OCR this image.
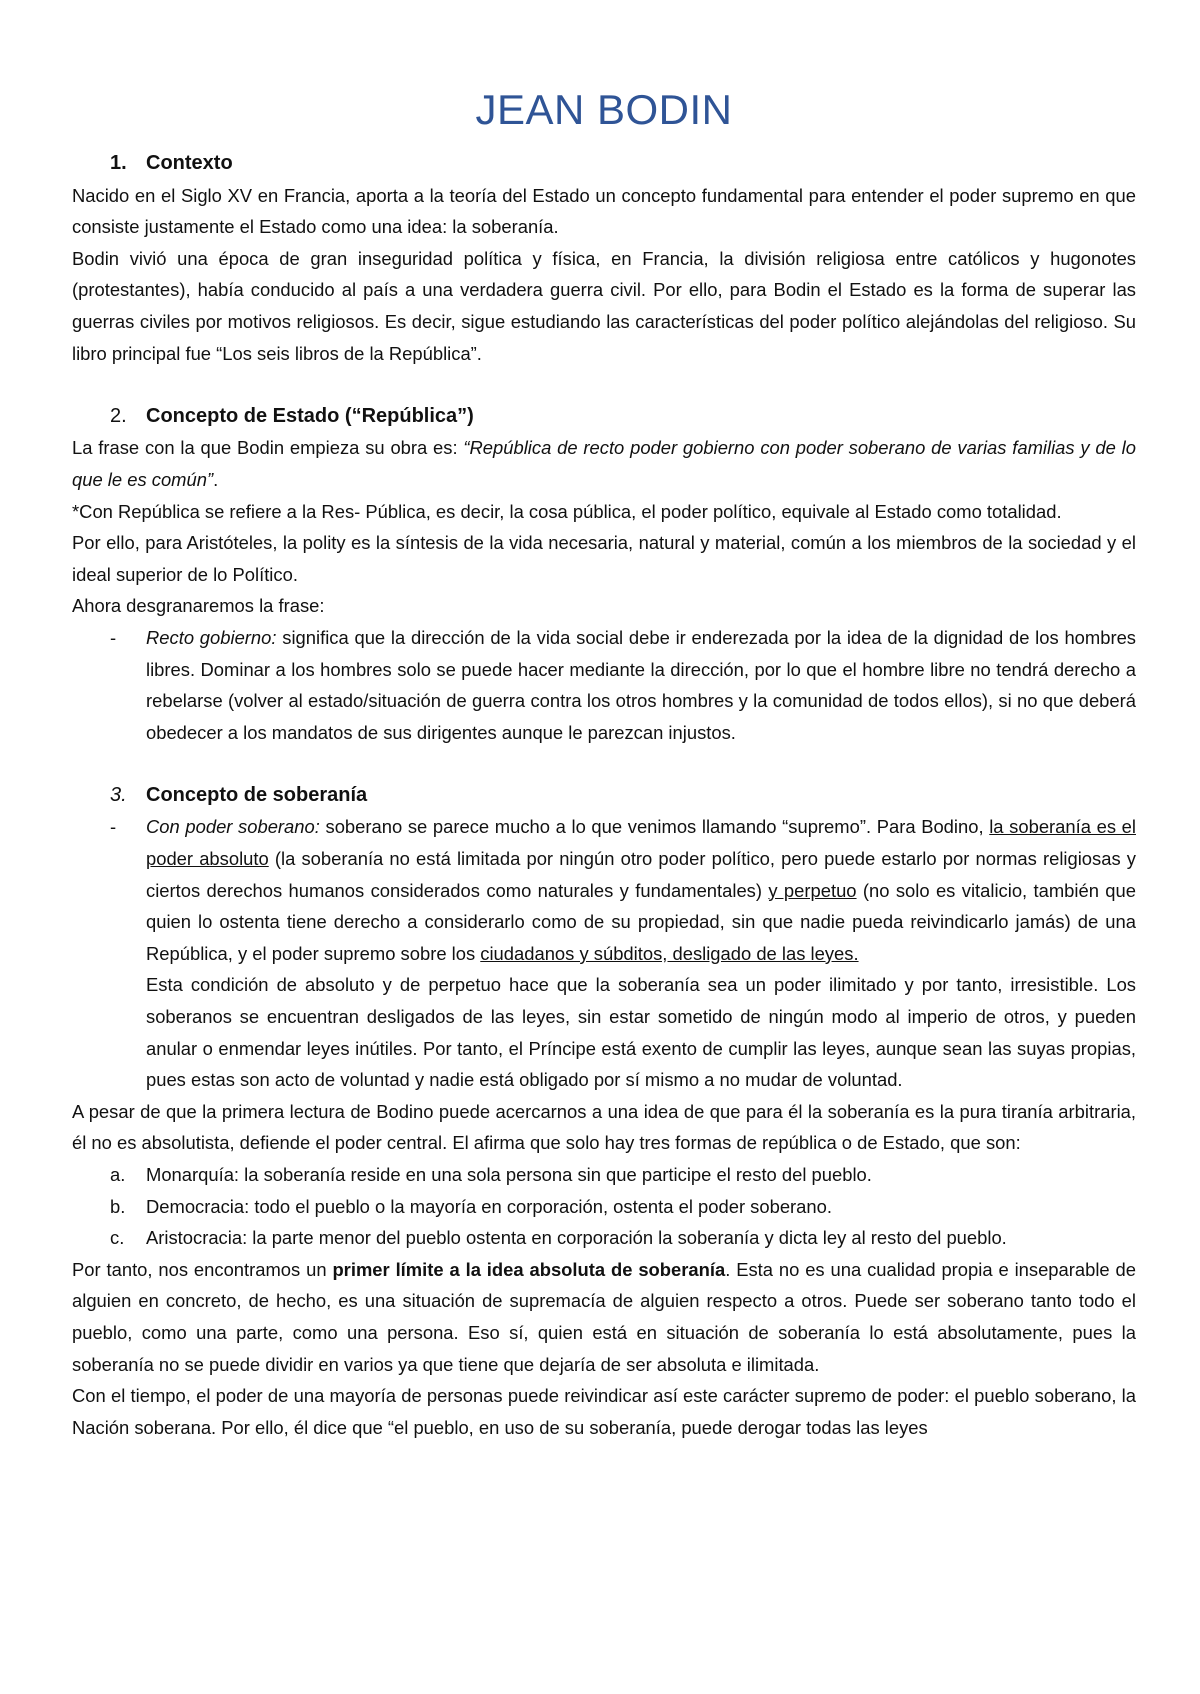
JEAN BODIN
1. Contexto

Nacido en el Siglo XV en Francia, aporta a la teoría del Estado un concepto fundamental para entender el poder supremo en que consiste justamente el Estado como una idea: la soberanía.

Bodin vivió una época de gran inseguridad política y física, en Francia, la división religiosa entre católicos y hugonotes (protestantes), había conducido al país a una verdadera guerra civil. Por ello, para Bodin el Estado es la forma de superar las guerras civiles por motivos religiosos. Es decir, sigue estudiando las características del poder político alejándolas del religioso. Su libro principal fue “Los seis libros de la República”.

2. Concepto de Estado (“República”)

La frase con la que Bodin empieza su obra es: “República de recto poder gobierno con poder soberano de varias familias y de lo que le es común”.

*Con República se refiere a la Res- Pública, es decir, la cosa pública, el poder político, equivale al Estado como totalidad.

Por ello, para Aristóteles, la polity es la síntesis de la vida necesaria, natural y material, común a los miembros de la sociedad y el ideal superior de lo Político.

Ahora desgranaremos la frase:

-	Recto gobierno: significa que la dirección de la vida social debe ir enderezada por la idea de la dignidad de los hombres libres. Dominar a los hombres solo se puede hacer mediante la dirección, por lo que el hombre libre no tendrá derecho a rebelarse (volver al estado/situación de guerra contra los otros hombres y la comunidad de todos ellos), si no que deberá obedecer a los mandatos de sus dirigentes aunque le parezcan injustos.
3. Concepto de soberanía
-	Con poder soberano: soberano se parece mucho a lo que venimos llamando “supremo”. Para Bodino, la soberanía es el poder absoluto (la soberanía no está limitada por ningún otro poder político, pero puede estarlo por normas religiosas y ciertos derechos humanos considerados como naturales y fundamentales) y perpetuo (no solo es vitalicio, también que quien lo ostenta tiene derecho a considerarlo como de su propiedad, sin que nadie pueda reivindicarlo jamás) de una República, y el poder supremo sobre los ciudadanos y súbditos, desligado de las leyes.

Esta condición de absoluto y de perpetuo hace que la soberanía sea un poder ilimitado y por tanto, irresistible. Los soberanos se encuentran desligados de las leyes, sin estar sometido de ningún modo al imperio de otros, y pueden anular o enmendar leyes inútiles. Por tanto, el Príncipe está exento de cumplir las leyes, aunque sean las suyas propias, pues estas son acto de voluntad y nadie está obligado por sí mismo a no mudar de voluntad.

A pesar de que la primera lectura de Bodino puede acercarnos a una idea de que para él la soberanía es la pura tiranía arbitraria, él no es absolutista, defiende el poder central. El afirma que solo hay tres formas de república o de Estado, que son:

a.	Monarquía: la soberanía reside en una sola persona sin que participe el resto del pueblo.
b.	Democracia: todo el pueblo o la mayoría en corporación, ostenta el poder soberano.
c.	Aristocracia: la parte menor del pueblo ostenta en corporación la soberanía y dicta ley al resto del pueblo.

Por tanto, nos encontramos un primer límite a la idea absoluta de soberanía. Esta no es una cualidad propia e inseparable de alguien en concreto, de hecho, es una situación de supremacía de alguien respecto a otros. Puede ser soberano tanto todo el pueblo, como una parte, como una persona. Eso sí, quien está en situación de soberanía lo está absolutamente, pues la soberanía no se puede dividir en varios ya que tiene que dejaría de ser absoluta e ilimitada.

Con el tiempo, el poder de una mayoría de personas puede reivindicar así este carácter supremo de poder: el pueblo soberano, la Nación soberana. Por ello, él dice que “el pueblo, en uso de su soberanía, puede derogar todas las leyes
